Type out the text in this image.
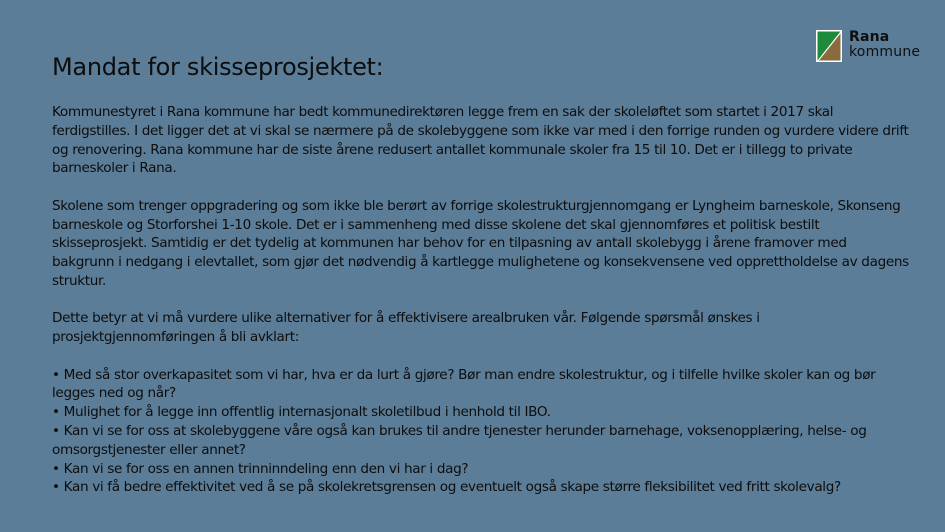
Rana
kommune
Mandat for skisseprosjektet:

Kommunestyret i Rana kommune har bedt kommunedirektøren legge frem en sak der skoleløftet som startet i 2017 skal ferdigstilles. I det ligger det at vi skal se nærmere på de skolebyggene som ikke var med i den forrige runden og vurdere videre drift og renovering. Rana kommune har de siste årene redusert antallet kommunale skoler fra 15 til 10. Det er i tillegg to private barneskoler i Rana.

Skolene som trenger oppgradering og som ikke ble berørt av forrige skolestrukturgjennomgang er Lyngheim barneskole, Skonseng barneskole og Storforshei 1-10 skole. Det er i sammenheng med disse skolene det skal gjennomføres et politisk bestilt skisseprosjekt. Samtidig er det tydelig at kommunen har behov for en tilpasning av antall skolebygg i årene framover med bakgrunn i nedgang i elevtallet, som gjør det nødvendig å kartlegge mulighetene og konsekvensene ved opprettholdelse av dagens struktur.

Dette betyr at vi må vurdere ulike alternativer for å effektivisere arealbruken vår. Følgende spørsmål ønskes i prosjektgjennomføringen å bli avklart:

• Med så stor overkapasitet som vi har, hva er da lurt å gjøre? Bør man endre skolestruktur, og i tilfelle hvilke skoler kan og bør legges ned og når?
• Mulighet for å legge inn offentlig internasjonalt skoletilbud i henhold til IBO.
• Kan vi se for oss at skolebyggene våre også kan brukes til andre tjenester herunder barnehage, voksenopplæring, helse- og omsorgstjenester eller annet?
• Kan vi se for oss en annen trinninndeling enn den vi har i dag?
• Kan vi få bedre effektivitet ved å se på skolekretsgrensen og eventuelt også skape større fleksibilitet ved fritt skolevalg?
